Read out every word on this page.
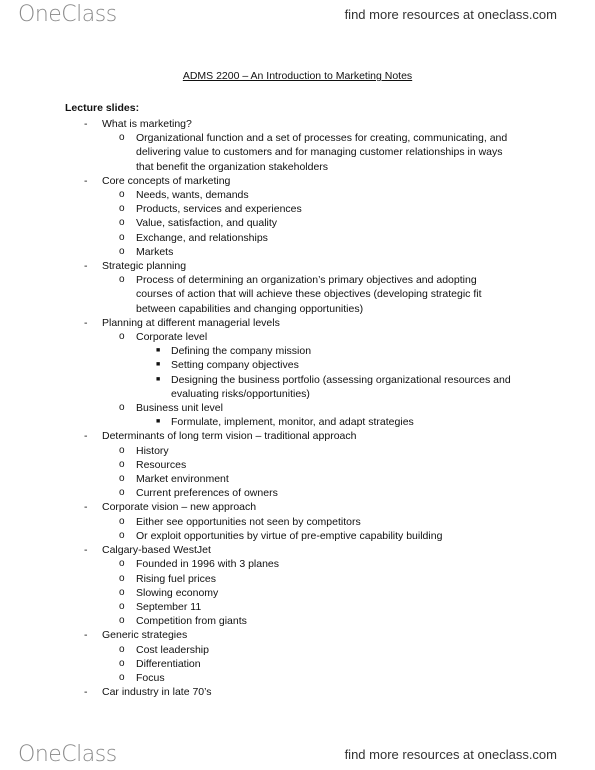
OneClass	find more resources at oneclass.com
ADMS 2200 – An Introduction to Marketing Notes
Lecture slides:
- What is marketing?
o Organizational function and a set of processes for creating, communicating, and delivering value to customers and for managing customer relationships in ways that benefit the organization stakeholders
- Core concepts of marketing
o Needs, wants, demands
o Products, services and experiences
o Value, satisfaction, and quality
o Exchange, and relationships
o Markets
- Strategic planning
o Process of determining an organization’s primary objectives and adopting courses of action that will achieve these objectives (developing strategic fit between capabilities and changing opportunities)
- Planning at different managerial levels
o Corporate level
■ Defining the company mission
■ Setting company objectives
■ Designing the business portfolio (assessing organizational resources and evaluating risks/opportunities)
o Business unit level
■ Formulate, implement, monitor, and adapt strategies
- Determinants of long term vision – traditional approach
o History
o Resources
o Market environment
o Current preferences of owners
- Corporate vision – new approach
o Either see opportunities not seen by competitors
o Or exploit opportunities by virtue of pre-emptive capability building
- Calgary-based WestJet
o Founded in 1996 with 3 planes
o Rising fuel prices
o Slowing economy
o September 11
o Competition from giants
- Generic strategies
o Cost leadership
o Differentiation
o Focus
- Car industry in late 70’s
OneClass	find more resources at oneclass.com
